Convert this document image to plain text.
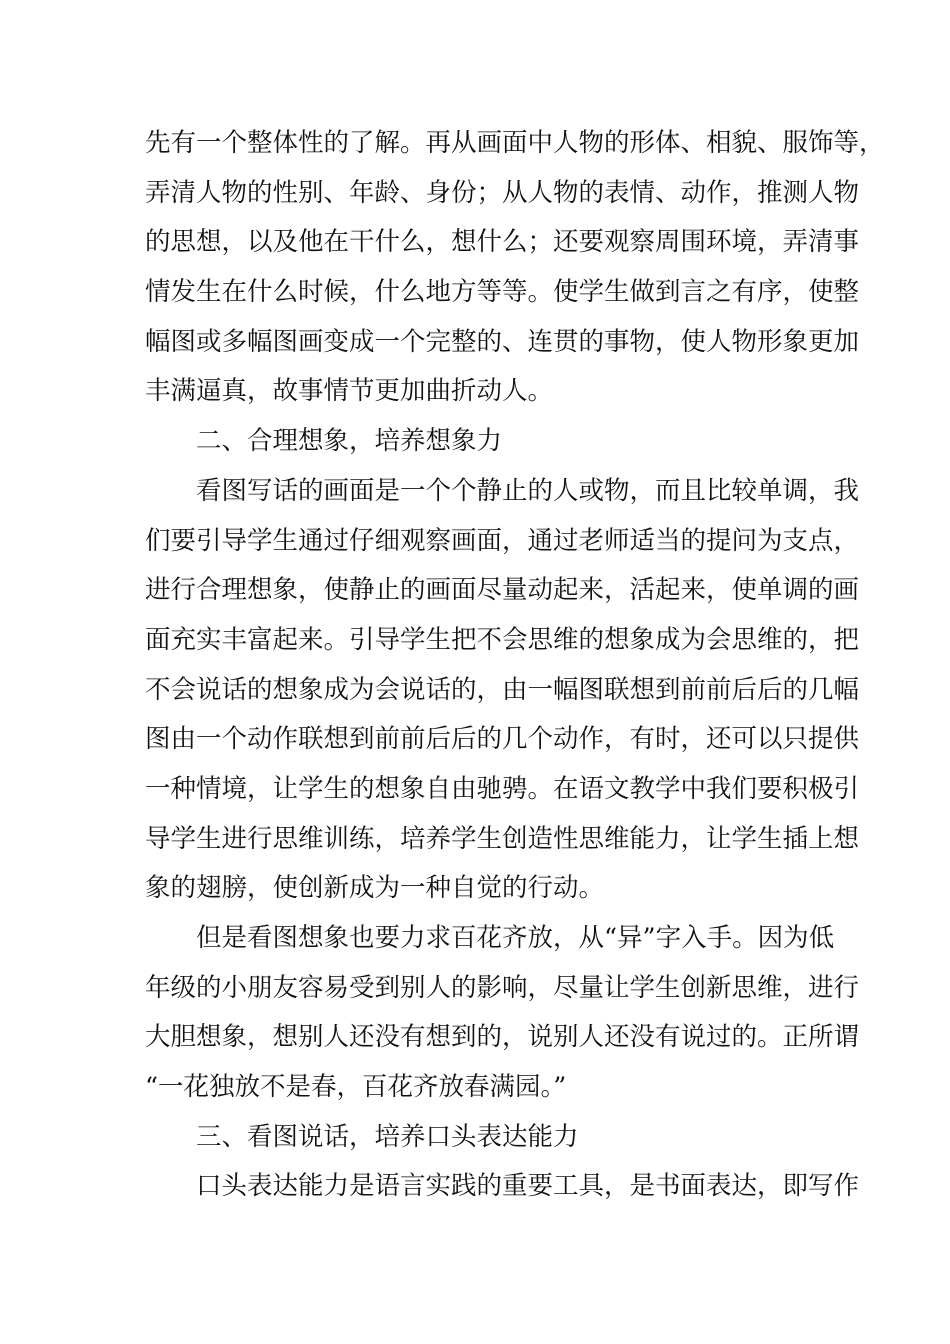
先有一个整体性的了解。再从画面中人物的形体、相貌、服饰等，
弄清人物的性别、年龄、身份；从人物的表情、动作，推测人物
的思想，以及他在干什么，想什么；还要观察周围环境，弄清事
情发生在什么时候，什么地方等等。使学生做到言之有序，使整
幅图或多幅图画变成一个完整的、连贯的事物，使人物形象更加
丰满逼真，故事情节更加曲折动人。
二、合理想象，培养想象力
看图写话的画面是一个个静止的人或物，而且比较单调，我
们要引导学生通过仔细观察画面，通过老师适当的提问为支点，
进行合理想象，使静止的画面尽量动起来，活起来，使单调的画
面充实丰富起来。引导学生把不会思维的想象成为会思维的，把
不会说话的想象成为会说话的，由一幅图联想到前前后后的几幅
图由一个动作联想到前前后后的几个动作，有时，还可以只提供
一种情境，让学生的想象自由驰骋。在语文教学中我们要积极引
导学生进行思维训练，培养学生创造性思维能力，让学生插上想
象的翅膀，使创新成为一种自觉的行动。
但是看图想象也要力求百花齐放，从“异”字入手。因为低
年级的小朋友容易受到别人的影响，尽量让学生创新思维，进行
大胆想象，想别人还没有想到的，说别人还没有说过的。正所谓
“一花独放不是春，百花齐放春满园。”
三、看图说话，培养口头表达能力
口头表达能力是语言实践的重要工具，是书面表达，即写作
